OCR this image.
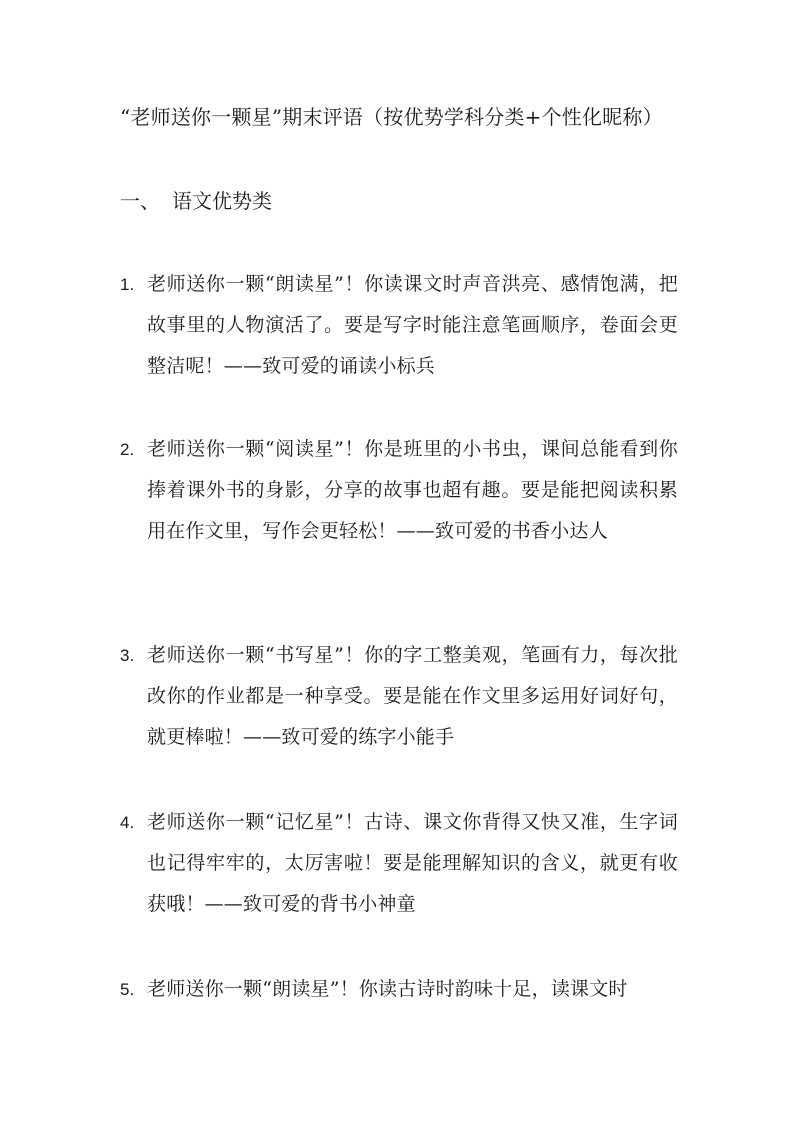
“老师送你一颗星”期末评语（按优势学科分类+个性化昵称）
一、 语文优势类
1. 老师送你一颗“朗读星”！你读课文时声音洪亮、感情饱满，把故事里的人物演活了。要是写字时能注意笔画顺序，卷面会更整洁呢！——致可爱的诵读小标兵
2. 老师送你一颗“阅读星”！你是班里的小书虫，课间总能看到你捧着课外书的身影，分享的故事也超有趣。要是能把阅读积累用在作文里，写作会更轻松！——致可爱的书香小达人
3. 老师送你一颗“书写星”！你的字工整美观，笔画有力，每次批改你的作业都是一种享受。要是能在作文里多运用好词好句，就更棒啦！——致可爱的练字小能手
4. 老师送你一颗“记忆星”！古诗、课文你背得又快又准，生字词也记得牢牢的，太厉害啦！要是能理解知识的含义，就更有收获哦！——致可爱的背书小神童
5. 老师送你一颗“朗读星”！你读古诗时韵味十足，读课文时
